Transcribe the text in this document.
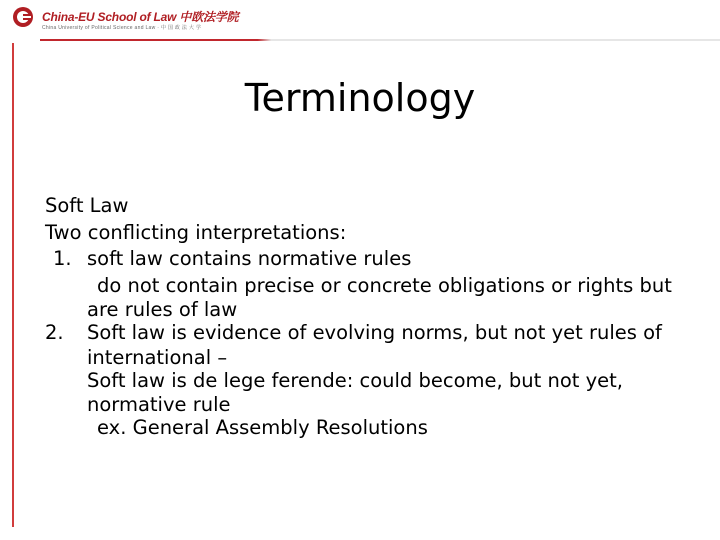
China-EU School of Law 中欧法学院
China University of Political Science and Law · 中 国 政 法 大 学
Terminology
Soft Law
Two conflicting interpretations:
1. soft law contains normative rules
do not contain precise or concrete obligations or rights but
are rules of law
2. Soft law is evidence of evolving norms, but not yet rules of
international –
Soft law is de lege ferende: could become, but not yet,
normative rule
ex. General Assembly Resolutions
